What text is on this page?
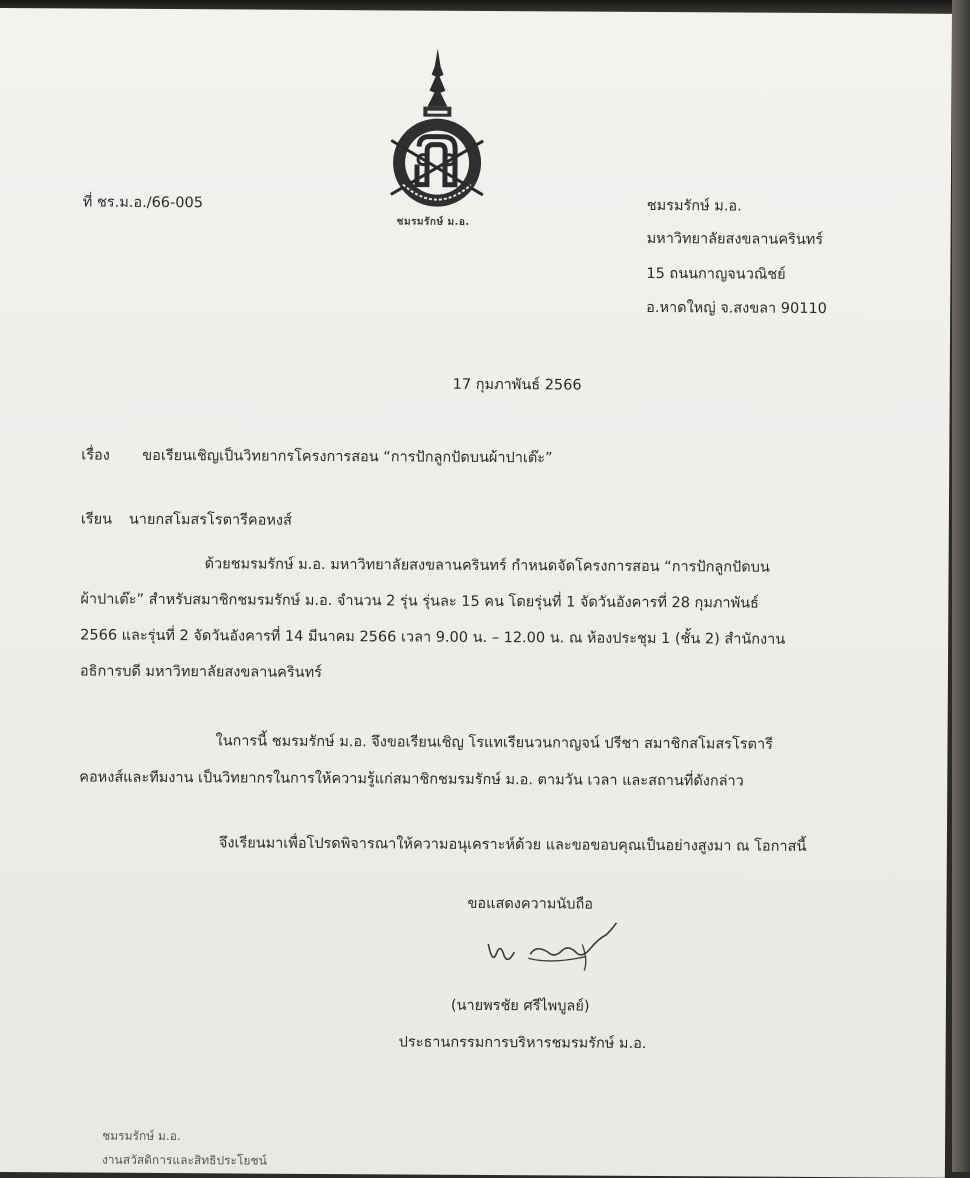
ชมรมรักษ์ ม.อ.
ที่ ชร.ม.อ./66-005	ชมรมรักษ์ ม.อ.
มหาวิทยาลัยสงขลานครินทร์
15 ถนนกาญจนวณิชย์
อ.หาดใหญ่ จ.สงขลา 90110
17 กุมภาพันธ์ 2566
เรื่อง ขอเรียนเชิญเป็นวิทยากรโครงการสอน “การปักลูกปัดบนผ้าปาเต๊ะ”
เรียน นายกสโมสรโรตารีคอหงส์
ด้วยชมรมรักษ์ ม.อ. มหาวิทยาลัยสงขลานครินทร์ กำหนดจัดโครงการสอน “การปักลูกปัดบน
ผ้าปาเต๊ะ” สำหรับสมาชิกชมรมรักษ์ ม.อ. จำนวน 2 รุ่น รุ่นละ 15 คน โดยรุ่นที่ 1 จัดวันอังคารที่ 28 กุมภาพันธ์
2566 และรุ่นที่ 2 จัดวันอังคารที่ 14 มีนาคม 2566 เวลา 9.00 น. – 12.00 น. ณ ห้องประชุม 1 (ชั้น 2) สำนักงาน
อธิการบดี มหาวิทยาลัยสงขลานครินทร์
ในการนี้ ชมรมรักษ์ ม.อ. จึงขอเรียนเชิญ โรแทเรียนวนกาญจน์ ปรีชา สมาชิกสโมสรโรตารี
คอหงส์และทีมงาน เป็นวิทยากรในการให้ความรู้แก่สมาชิกชมรมรักษ์ ม.อ. ตามวัน เวลา และสถานที่ดังกล่าว
จึงเรียนมาเพื่อโปรดพิจารณาให้ความอนุเคราะห์ด้วย และขอขอบคุณเป็นอย่างสูงมา ณ โอกาสนี้
ขอแสดงความนับถือ
(นายพรชัย ศรีไพบูลย์)
ประธานกรรมการบริหารชมรมรักษ์ ม.อ.
ชมรมรักษ์ ม.อ.
งานสวัสดิการและสิทธิประโยชน์
